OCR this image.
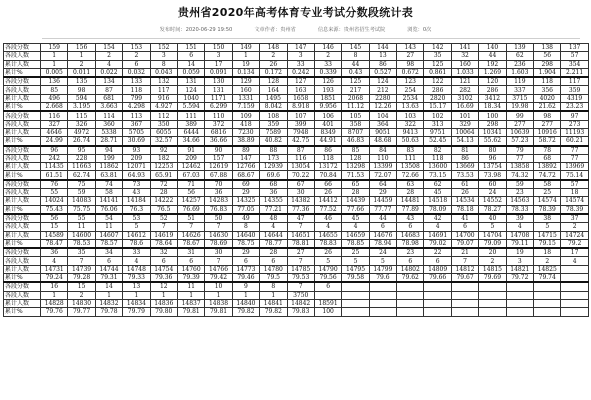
贵州省2020年高考体育专业考试分数段统计表
发布时间：2020-06-29 19:50	文章作者：贵州省	信息来源：贵州省招生考试院	浏览：0次
各段分数	159	156	154	153	152	151	150	149	148	147	146	145	144	143	142	141	140	139	138	137
各段人数	1	1	2	2	3	6	3	1	2	3	2	8	13	27	35	32	44	62	56	57
累计人数	1	2	4	6	8	14	17	19	26	33	33	44	86	98	125	160	192	236	298	354
累计%	0.005	0.011	0.022	0.032	0.043	0.059	0.091	0.134	0.172	0.242	0.339	0.43	0.527	0.672	0.861	1.033	1.269	1.603	1.904	2.211
各段分数	136	135	134	133	132	131	130	129	128	127	126	125	124	123	122	121	120	119	118	117
各段人数	85	98	87	118	117	124	131	160	164	163	193	217	212	254	286	282	286	337	356	359
累计人数	496	594	681	799	916	1040	1171	1331	1495	1658	1851	2068	2280	2534	2820	3102	3412	3715	4020	4319
累计%	2.668	3.195	3.663	4.298	4.927	5.594	6.299	7.159	8.042	8.918	9.956	11.12	12.26	13.63	15.17	16.69	18.34	19.98	21.62	23.23
各段分数	116	115	114	113	112	111	110	109	108	107	106	105	104	103	102	101	100	99	98	97
各段人数	327	326	360	367	350	389	372	418	359	399	401	358	364	322	313	329	298	277	277	273
累计人数	4646	4972	5338	5705	6055	6444	6816	7230	7589	7948	8349	8707	9051	9413	9751	10064	10341	10639	10916	11193
累计%	24.99	26.74	28.71	30.69	32.57	34.66	36.66	38.89	40.82	42.75	44.91	46.83	48.68	50.63	52.45	54.13	55.62	57.23	58.72	60.21
各段分数	96	95	94	93	92	91	90	89	88	87	86	85	84	83	82	81	80	79	78	77
各段人数	242	228	199	209	182	209	157	147	173	116	118	128	110	111	118	86	96	77	68	77
累计人数	11435	11663	11862	12071	12253	12462	12619	12766	12939	13054	13172	13298	13399	13508	13600	13669	13754	13858	13892	13969
累计%	61.51	62.74	63.81	64.93	65.91	67.03	67.88	68.67	69.6	70.22	70.84	71.53	72.07	72.66	73.15	73.53	73.98	74.32	74.72	75.14
各段分数	76	75	74	73	72	71	70	69	68	67	66	65	64	63	62	61	60	59	58	57
各段人数	55	59	58	43	28	56	36	29	36	30	26	28	29	28	45	26	24	23	25	18
累计人数	14024	14083	14141	14184	14222	14257	14283	14325	14355	14382	14412	14439	14459	14481	14518	14534	14552	14563	14574	14574
累计%	75.43	75.75	76.06	76.3	76.5	76.69	76.83	77.05	77.21	77.36	77.52	77.66	77.77	77.89	78.09	78.18	78.27	78.33	78.39	78.39
各段分数	56	55	54	53	52	51	50	49	48	47	46	45	44	43	42	41	40	39	38	37
各段人数	15	11	11	5	7	7	7	8	4	7	4	4	6	6	4	6	5	4	5	2
累计人数	14589	14600	14607	14612	14619	14626	14630	14640	14644	14651	14655	14659	14676	14683	14691	14700	14704	14708	14715	14724
累计%	78.47	78.53	78.57	78.6	78.64	78.67	78.69	78.75	78.77	78.81	78.83	78.85	78.94	78.98	79.02	79.07	79.09	79.11	79.15	79.2
各段分数	36	35	34	33	32	31	30	29	28	27	26	25	24	23	22	21	20	19	18	17
各段人数	4	7	6	4	6	6	7	6	6	7	5	5	5	6	6	7	2	3	2	4
累计人数	14731	14739	14744	14748	14754	14760	14766	14773	14780	14785	14790	14795	14799	14802	14809	14812	14815	14821	14825	
累计%	79.24	79.28	79.31	79.33	79.36	79.39	79.42	79.46	79.5	79.53	79.56	79.58	79.6	79.62	79.66	79.67	79.69	79.72	79.74	
各段分数	16	15	14	13	12	11	10	9	8	7	6									
各段人数	1	2	1	1	1	1	1	1	1	3750										
累计人数	14828	14830	14832	14834	14836	14837	14838	14840	14841	14842	18591									
累计%	79.76	79.77	79.78	79.79	79.80	79.81	79.81	79.82	79.82	79.83	100									
